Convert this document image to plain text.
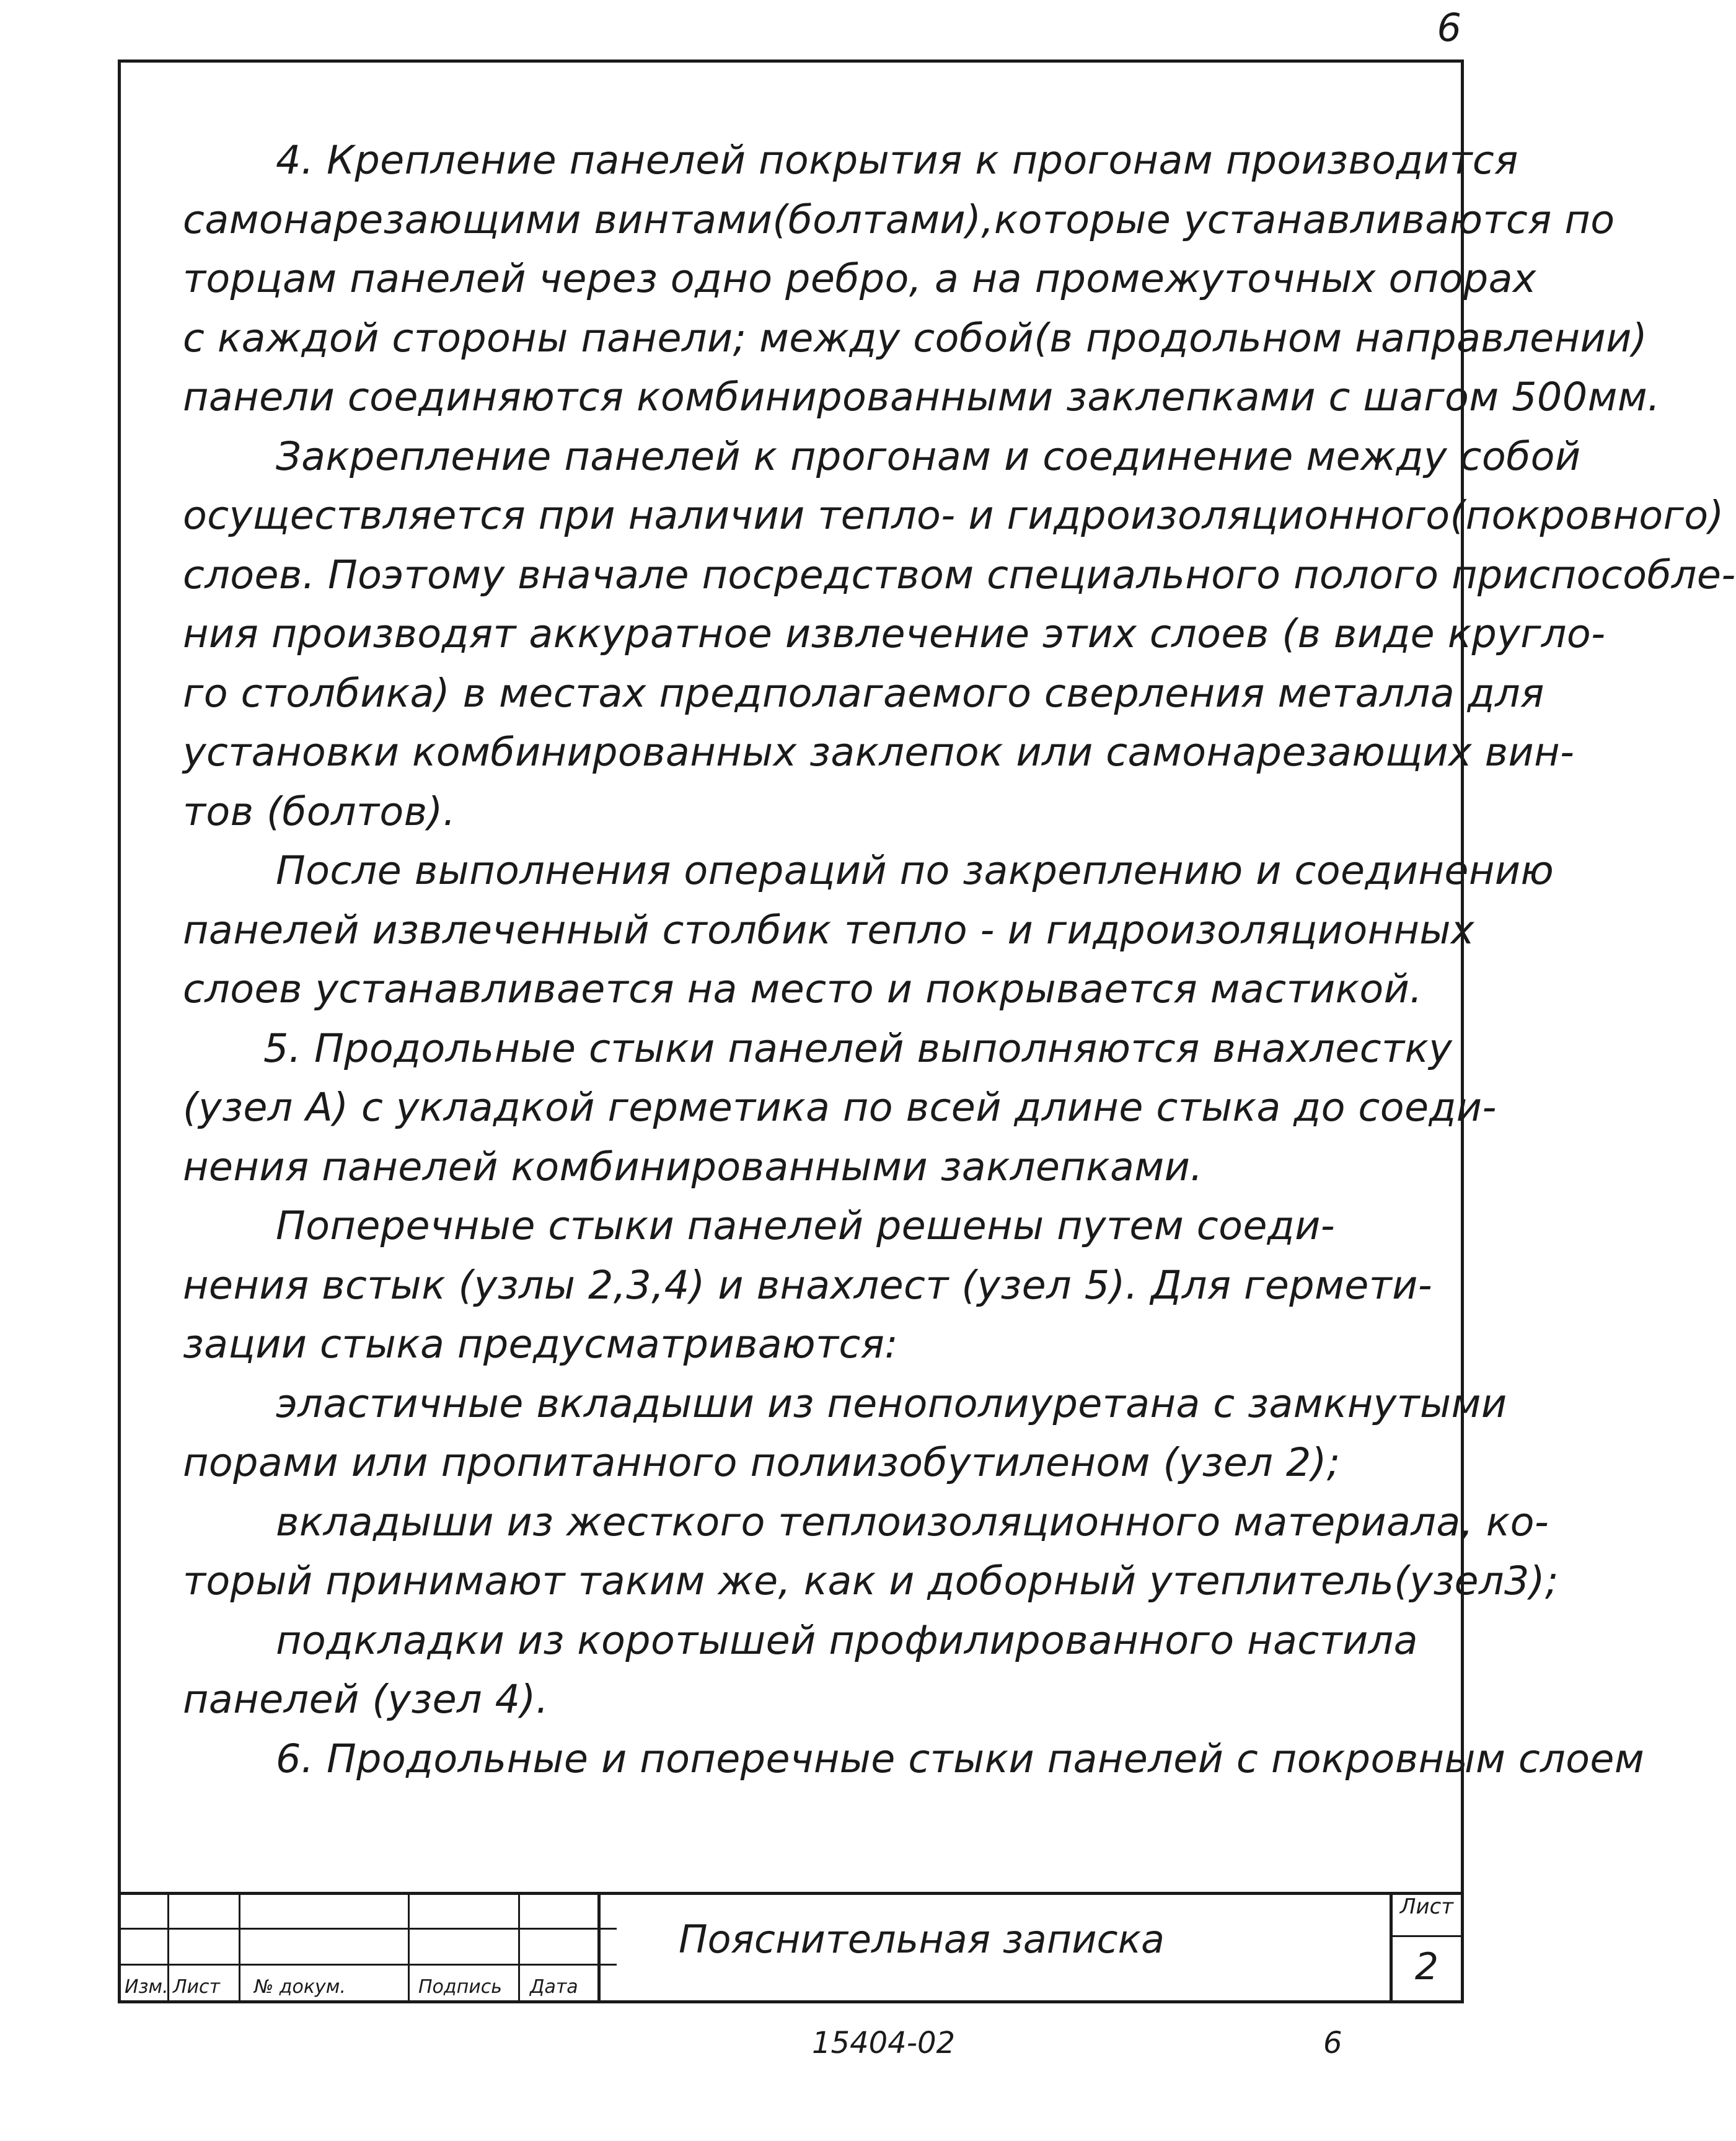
6
4. Крепление панелей покрытия к прогонам производится
самонарезающими винтами(болтами),которые устанавливаются по
торцам панелей через одно ребро, а на промежуточных опорах
с каждой стороны панели; между собой(в продольном направлении)
панели соединяются комбинированными заклепками с шагом 500мм.
Закрепление панелей к прогонам и соединение между собой
осуществляется при наличии тепло- и гидроизоляционного(покровного)
слоев. Поэтому вначале посредством специального полого приспособле-
ния производят аккуратное извлечение этих слоев (в виде кругло-
го столбика) в местах предполагаемого сверления металла для
установки комбинированных заклепок или самонарезающих вин-
тов (болтов).
После выполнения операций по закреплению и соединению
панелей извлеченный столбик тепло - и гидроизоляционных
слоев устанавливается на место и покрывается мастикой.
5. Продольные стыки панелей выполняются внахлестку
(узел А) с укладкой герметика по всей длине стыка до соеди-
нения панелей комбинированными заклепками.
Поперечные стыки панелей решены путем соеди-
нения встык (узлы 2,3,4) и внахлест (узел 5). Для гермети-
зации стыка предусматриваются:
эластичные вкладыши из пенополиуретана с замкнутыми
порами или пропитанного полиизобутиленом (узел 2);
вкладыши из жесткого теплоизоляционного материала, ко-
торый принимают таким же, как и доборный утеплитель(узел3);
подкладки из коротышей профилированного настила
панелей (узел 4).
6. Продольные и поперечные стыки панелей с покровным слоем
Изм. Лист № докум.	Подпись Дата
Пояснительная записка
Лист
2
15404-02	6
